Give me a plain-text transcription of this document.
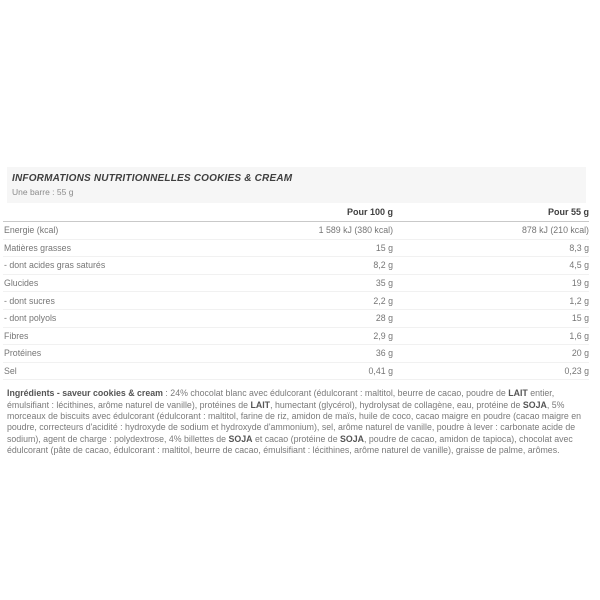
INFORMATIONS NUTRITIONNELLES COOKIES & CREAM
Une barre : 55 g
	Pour 100 g	Pour 55 g
Energie (kcal)	1 589 kJ (380 kcal)	878 kJ (210 kcal)
Matières grasses	15 g	8,3 g
- dont acides gras saturés	8,2 g	4,5 g
Glucides	35 g	19 g
- dont sucres	2,2 g	1,2 g
- dont polyols	28 g	15 g
Fibres	2,9 g	1,6 g
Protéines	36 g	20 g
Sel	0,41 g	0,23 g

Ingrédients - saveur cookies & cream : 24% chocolat blanc avec édulcorant (édulcorant : maltitol, beurre de cacao, poudre de LAIT entier, émulsifiant : lécithines, arôme naturel de vanille), protéines de LAIT, humectant (glycérol), hydrolysat de collagène, eau, protéine de SOJA, 5% morceaux de biscuits avec édulcorant (édulcorant : maltitol, farine de riz, amidon de maïs, huile de coco, cacao maigre en poudre (cacao maigre en poudre, correcteurs d'acidité : hydroxyde de sodium et hydroxyde d'ammonium), sel, arôme naturel de vanille, poudre à lever : carbonate acide de sodium), agent de charge : polydextrose, 4% billettes de SOJA et cacao (protéine de SOJA, poudre de cacao, amidon de tapioca), chocolat avec édulcorant (pâte de cacao, édulcorant : maltitol, beurre de cacao, émulsifiant : lécithines, arôme naturel de vanille), graisse de palme, arômes.
